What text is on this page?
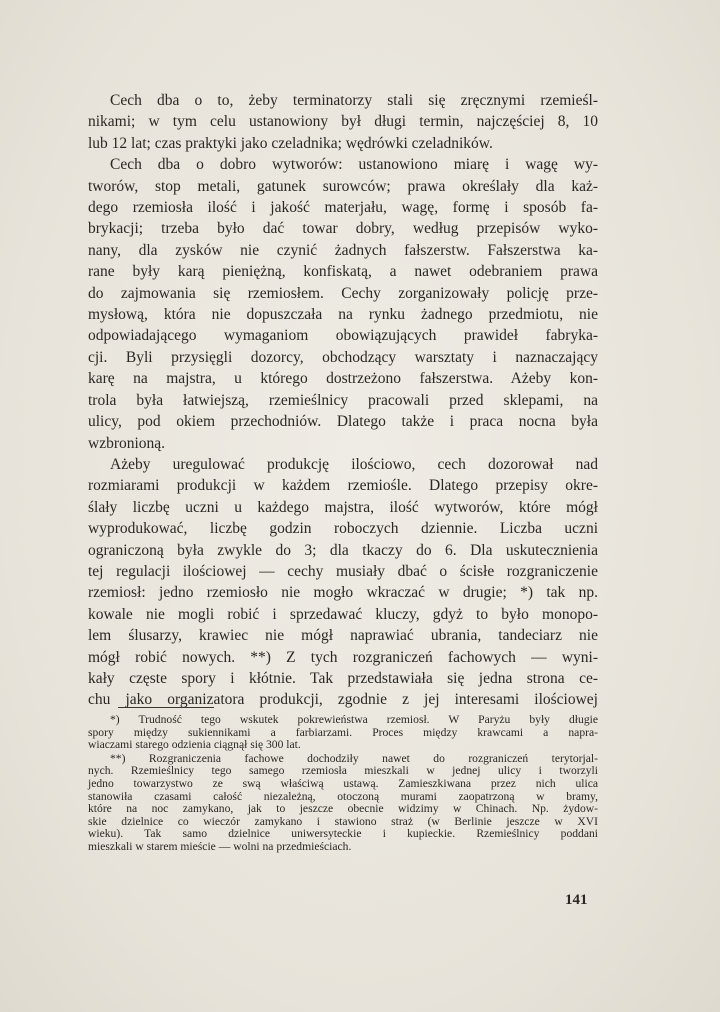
Cech dba o to, żeby terminatorzy stali się zręcznymi rzemieśl-
nikami; w tym celu ustanowiony był długi termin, najczęściej 8, 10
lub 12 lat; czas praktyki jako czeladnika; wędrówki czeladników.

Cech dba o dobro wytworów: ustanowiono miarę i wagę wy-
tworów, stop metali, gatunek surowców; prawa określały dla każ-
dego rzemiosła ilość i jakość materjału, wagę, formę i sposób fa-
brykacji; trzeba było dać towar dobry, według przepisów wyko-
nany, dla zysków nie czynić żadnych fałszerstw. Fałszerstwa ka-
rane były karą pieniężną, konfiskatą, a nawet odebraniem prawa
do zajmowania się rzemiosłem. Cechy zorganizowały policję prze-
mysłową, która nie dopuszczała na rynku żadnego przedmiotu, nie
odpowiadającego wymaganiom obowiązujących prawideł fabryka-
cji. Byli przysięgli dozorcy, obchodzący warsztaty i naznaczający
karę na majstra, u którego dostrzeżono fałszerstwa. Ażeby kon-
trola była łatwiejszą, rzemieślnicy pracowali przed sklepami, na
ulicy, pod okiem przechodniów. Dlatego także i praca nocna była
wzbronioną.

Ażeby uregulować produkcję ilościowo, cech dozorował nad
rozmiarami produkcji w każdem rzemiośle. Dlatego przepisy okre-
ślały liczbę uczni u każdego majstra, ilość wytworów, które mógł
wyprodukować, liczbę godzin roboczych dziennie. Liczba uczni
ograniczoną była zwykle do 3; dla tkaczy do 6. Dla uskutecznienia
tej regulacji ilościowej — cechy musiały dbać o ścisłe rozgraniczenie
rzemiosł: jedno rzemiosło nie mogło wkraczać w drugie; *) tak np.
kowale nie mogli robić i sprzedawać kluczy, gdyż to było monopo-
lem ślusarzy, krawiec nie mógł naprawiać ubrania, tandeciarz nie
mógł robić nowych. **) Z tych rozgraniczeń fachowych — wyni-
kały częste spory i kłótnie. Tak przedstawiała się jedna strona ce-
chu jako organizatora produkcji, zgodnie z jej interesami ilościowej

*) Trudność tego wskutek pokrewieństwa rzemiosł. W Paryżu były długie
spory między sukiennikami a farbiarzami. Proces między krawcami a napra-
wiaczami starego odzienia ciągnął się 300 lat.
**) Rozgraniczenia fachowe dochodziły nawet do rozgraniczeń terytorjal-
nych. Rzemieślnicy tego samego rzemiosła mieszkali w jednej ulicy i tworzyli
jedno towarzystwo ze swą właściwą ustawą. Zamieszkiwana przez nich ulica
stanowiła czasami całość niezależną, otoczoną murami zaopatrzoną w bramy,
które na noc zamykano, jak to jeszcze obecnie widzimy w Chinach. Np. żydow-
skie dzielnice co wieczór zamykano i stawiono straż (w Berlinie jeszcze w XVI
wieku). Tak samo dzielnice uniwersyteckie i kupieckie. Rzemieślnicy poddani
mieszkali w starem mieście — wolni na przedmieściach.
141
